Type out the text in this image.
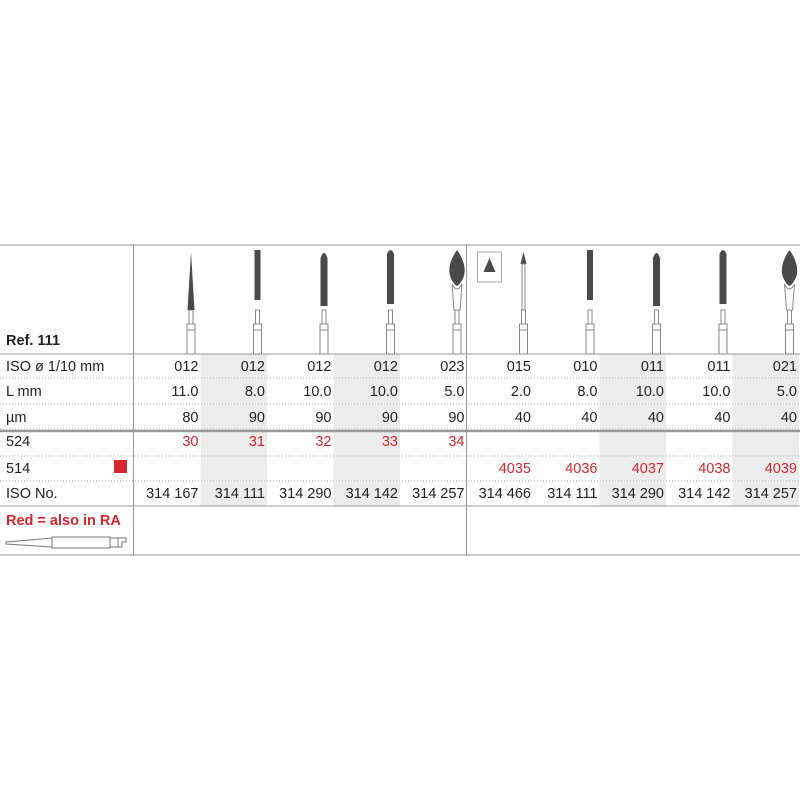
Ref. 111
ISO ø 1/10 mm
L mm
µm
524
514
ISO No.
Red = also in RA
012
11.0
80
30
314 167
012
8.0
90
31
314 111
012
10.0
90
32
314 290
012
10.0
90
33
314 142
023
5.0
90
34
314 257
015
2.0
40
4035
314 466
010
8.0
40
4036
314 111
011
10.0
40
4037
314 290
011
10.0
40
4038
314 142
021
5.0
40
4039
314 257
